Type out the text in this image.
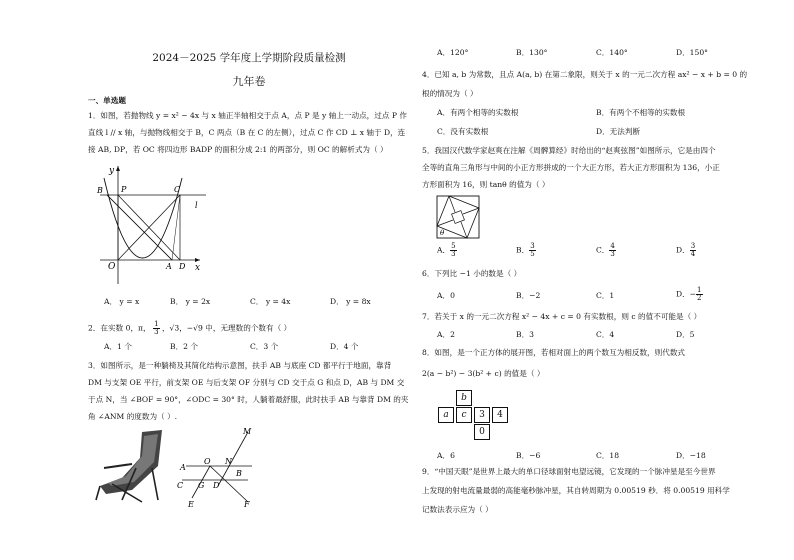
2024－2025 学年度上学期阶段质量检测
九年卷
一、单选题
1．如图，若抛物线 y = x² − 4x 与 x 轴正半轴相交于点 A，点 P 是 y 轴上一动点，过点 P 作
直线 l // x 轴，与抛物线相交于 B，C 两点（B 在 C 的左侧），过点 C 作 CD ⊥ x 轴于 D，连
接 AB, DP，若 OC 将四边形 BADP 的面积分成 2:1 的两部分，则 OC 的解析式为（ ）
y
x
O	A D
B P	C
l
A． y = x	B． y = 2x	C． y = 4x	D． y = 8x
2．在实数 0，π， $\frac{1}{3}$ ，√3，−√9 中，无理数的个数有（ ）
A．1 个	B．2 个	C．3 个	D．4 个
3．如图所示，是一种躺椅及其简化结构示意图，扶手 AB 与底座 CD 都平行于地面，靠背
DM 与支架 OE 平行，前支架 OE 与后支架 OF 分别与 CD 交于点 G 和点 D，AB 与 DM 交
于点 N，当 ∠BOF = 90°，∠ODC = 30° 时，人躺着最舒服，此时扶手 AB 与靠背 DM 的夹
角 ∠ANM 的度数为（ ）.
M
A
O N
B
C G D
E	F
A．120°	B．130°	C．140°	D．150°
4．已知 a, b 为常数，且点 A(a, b) 在第二象限，则关于 x 的一元二次方程 ax² − x + b = 0 的
根的情况为（ ）
A．有两个相等的实数根	B．有两个不相等的实数根
C．没有实数根	D．无法判断
5．我国汉代数学家赵爽在注解《周髀算经》时给出的“赵爽弦图”如图所示，它是由四个
全等的直角三角形与中间的小正方形拼成的一个大正方形，若大正方形面积为 136，小正
方形面积为 16，则 tanθ 的值为（ ）
θ
A． $\frac{5}{3}$	B． $\frac{3}{5}$	C． $\frac{4}{3}$	D． $\frac{3}{4}$
6．下列比 −1 小的数是（ ）
A．0	B．−2	C．1	D．− $\frac{1}{2}$
7．若关于 x 的一元二次方程 x² − 4x + c = 0 有实数根，则 c 的值不可能是（ ）
A．2	B．3	C．4	D．5
8．如图，是一个正方体的展开图，若相对面上的两个数互为相反数，则代数式
2(a − b²) − 3(b² + c) 的值是（ ）
b
a	c	3	4
0
A．6	B．−6	C．18	D．−18
9．“中国天眼”是世界上最大的单口径球面射电望远镜，它发现的一个脉冲星是至今世界
上发现的射电流量最弱的高能毫秒脉冲星，其自转周期为 0.00519 秒．将 0.00519 用科学
记数法表示应为（ ）
